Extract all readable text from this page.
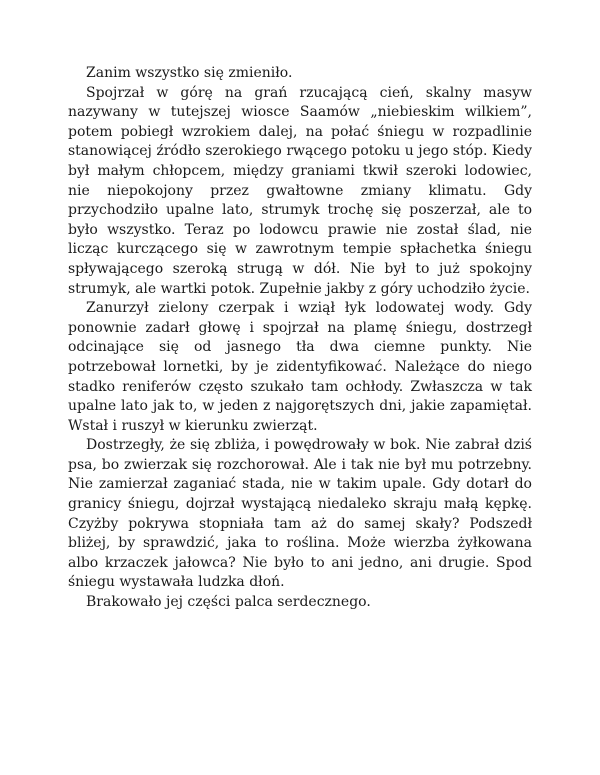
Zanim wszystko się zmieniło.

Spojrzał w górę na grań rzucającą cień, skalny masyw nazywany w tutejszej wiosce Saamów „niebieskim wilkiem”, potem pobiegł wzrokiem dalej, na połać śniegu w rozpadlinie stanowiącej źródło szerokiego rwącego potoku u jego stóp. Kiedy był małym chłopcem, między graniami tkwił szeroki lodowiec, nie niepokojony przez gwałtowne zmiany klimatu. Gdy przychodziło upalne lato, strumyk trochę się poszerzał, ale to było wszystko. Teraz po lodowcu prawie nie został ślad, nie licząc kurczącego się w zawrotnym tempie spłachetka śniegu spływającego szeroką strugą w dół. Nie był to już spokojny strumyk, ale wartki potok. Zupełnie jakby z góry uchodziło życie.

Zanurzył zielony czerpak i wziął łyk lodowatej wody. Gdy ponownie zadarł głowę i spojrzał na plamę śniegu, dostrzegł odcinające się od jasnego tła dwa ciemne punkty. Nie potrzebował lornetki, by je zidentyfikować. Należące do niego stadko reniferów często szukało tam ochłody. Zwłaszcza w tak upalne lato jak to, w jeden z najgorętszych dni, jakie zapamiętał. Wstał i ruszył w kierunku zwierząt.

Dostrzegły, że się zbliża, i powędrowały w bok. Nie zabrał dziś psa, bo zwierzak się rozchorował. Ale i tak nie był mu potrzebny. Nie zamierzał zaganiać stada, nie w takim upale. Gdy dotarł do granicy śniegu, dojrzał wystającą niedaleko skraju małą kępkę. Czyżby pokrywa stopniała tam aż do samej skały? Podszedł bliżej, by sprawdzić, jaka to roślina. Może wierzba żyłkowana albo krzaczek jałowca? Nie było to ani jedno, ani drugie. Spod śniegu wystawała ludzka dłoń.

Brakowało jej części palca serdecznego.
